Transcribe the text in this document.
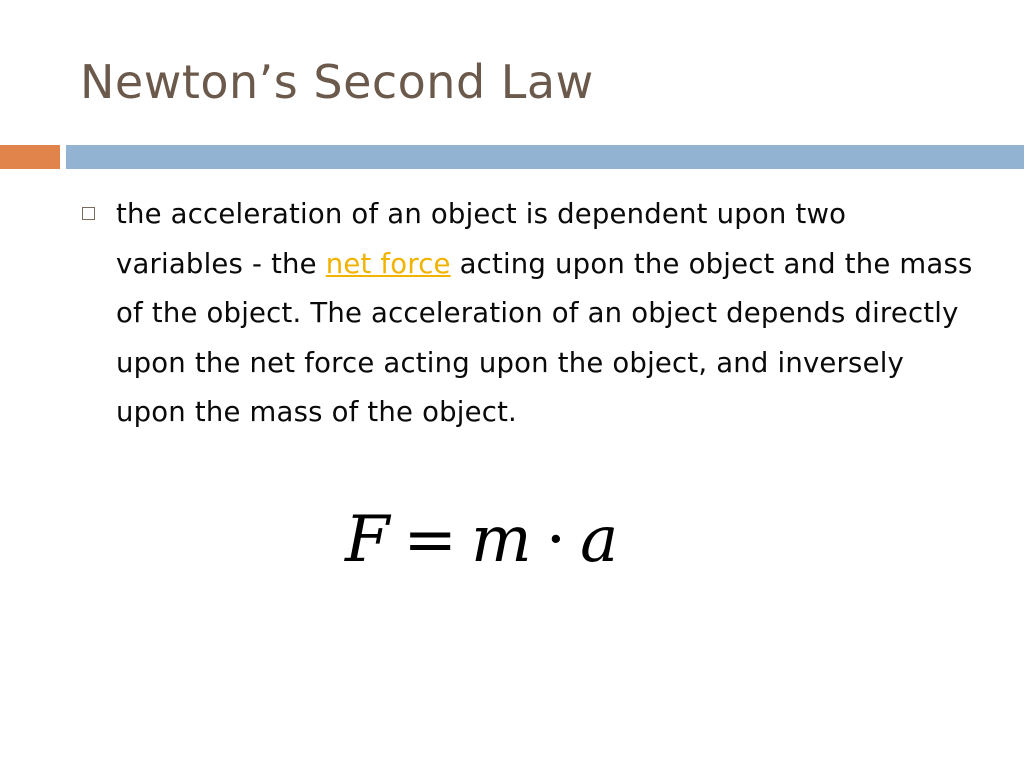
Newton’s Second Law

the acceleration of an object is dependent upon two variables - the net force acting upon the object and the mass of the object. The acceleration of an object depends directly upon the net force acting upon the object, and inversely upon the mass of the object.

F = m · a
